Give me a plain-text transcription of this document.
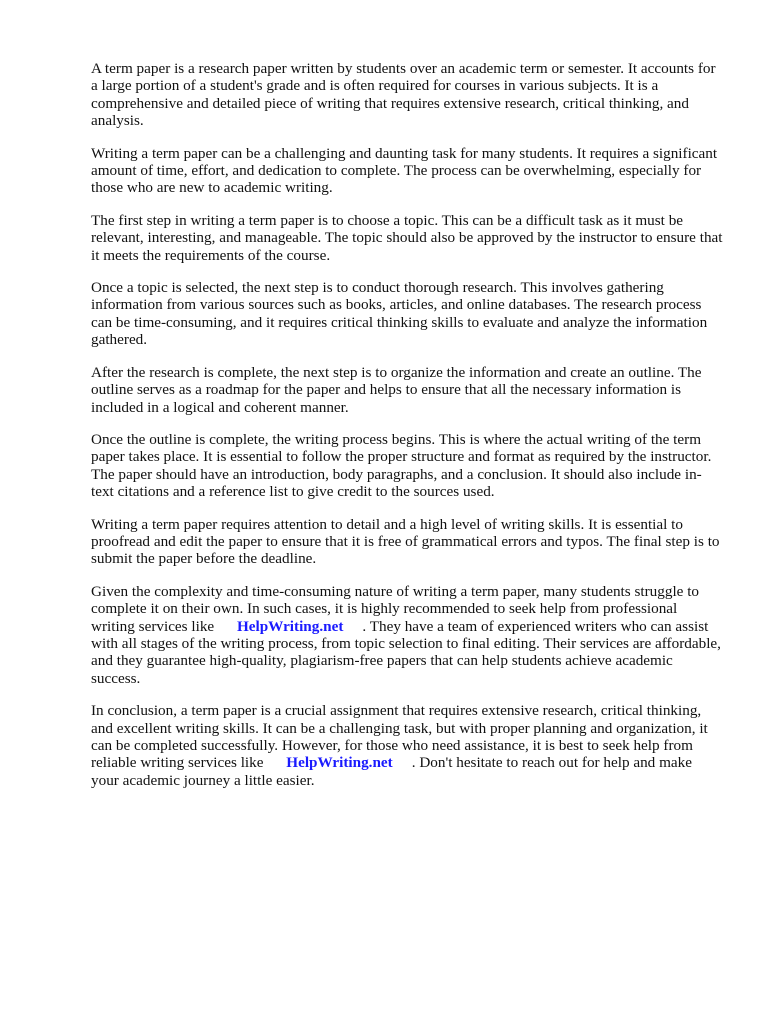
A term paper is a research paper written by students over an academic term or semester. It accounts for a large portion of a student's grade and is often required for courses in various subjects. It is a comprehensive and detailed piece of writing that requires extensive research, critical thinking, and analysis.

Writing a term paper can be a challenging and daunting task for many students. It requires a significant amount of time, effort, and dedication to complete. The process can be overwhelming, especially for those who are new to academic writing.

The first step in writing a term paper is to choose a topic. This can be a difficult task as it must be relevant, interesting, and manageable. The topic should also be approved by the instructor to ensure that it meets the requirements of the course.

Once a topic is selected, the next step is to conduct thorough research. This involves gathering information from various sources such as books, articles, and online databases. The research process can be time-consuming, and it requires critical thinking skills to evaluate and analyze the information gathered.

After the research is complete, the next step is to organize the information and create an outline. The outline serves as a roadmap for the paper and helps to ensure that all the necessary information is included in a logical and coherent manner.

Once the outline is complete, the writing process begins. This is where the actual writing of the term paper takes place. It is essential to follow the proper structure and format as required by the instructor. The paper should have an introduction, body paragraphs, and a conclusion. It should also include in-text citations and a reference list to give credit to the sources used.

Writing a term paper requires attention to detail and a high level of writing skills. It is essential to proofread and edit the paper to ensure that it is free of grammatical errors and typos. The final step is to submit the paper before the deadline.

Given the complexity and time-consuming nature of writing a term paper, many students struggle to complete it on their own. In such cases, it is highly recommended to seek help from professional writing services like HelpWriting.net . They have a team of experienced writers who can assist with all stages of the writing process, from topic selection to final editing. Their services are affordable, and they guarantee high-quality, plagiarism-free papers that can help students achieve academic success.

In conclusion, a term paper is a crucial assignment that requires extensive research, critical thinking, and excellent writing skills. It can be a challenging task, but with proper planning and organization, it can be completed successfully. However, for those who need assistance, it is best to seek help from reliable writing services like HelpWriting.net . Don't hesitate to reach out for help and make your academic journey a little easier.
